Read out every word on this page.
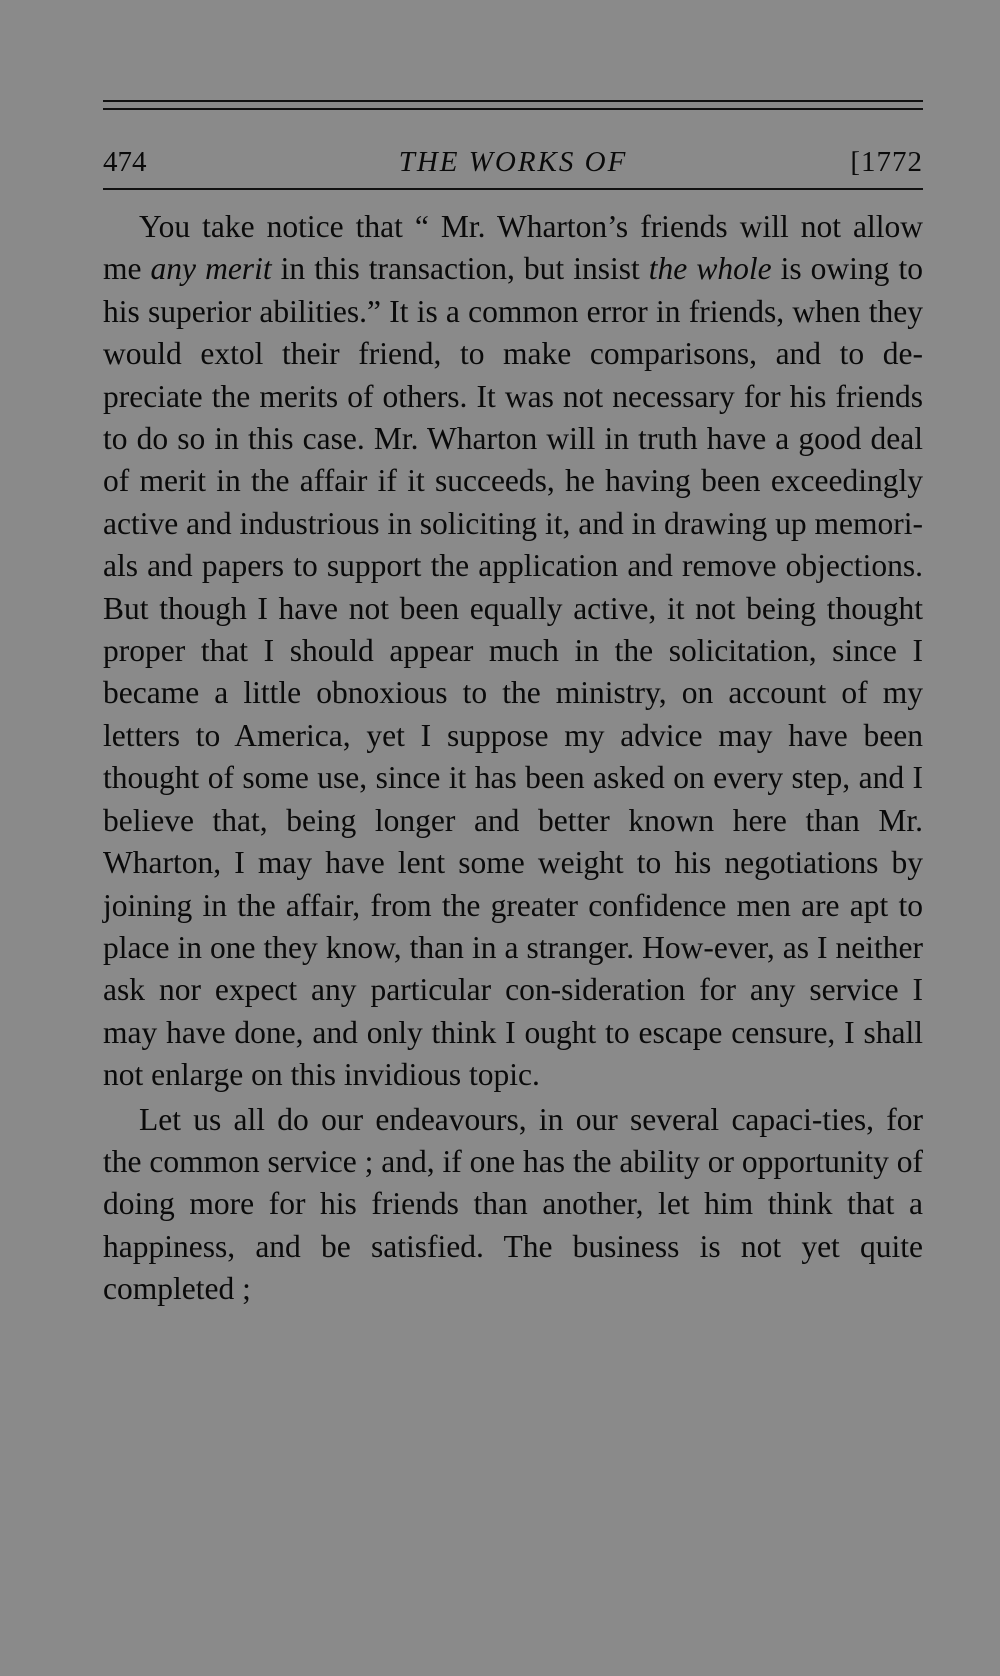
474	THE WORKS OF	[1772

You take notice that “ Mr. Wharton’s friends will not allow me any merit in this transaction, but insist the whole is owing to his superior abilities.” It is a common error in friends, when they would extol their friend, to make comparisons, and to de-preciate the merits of others. It was not necessary for his friends to do so in this case. Mr. Wharton will in truth have a good deal of merit in the affair if it succeeds, he having been exceedingly active and industrious in soliciting it, and in drawing up memori-als and papers to support the application and remove objections. But though I have not been equally active, it not being thought proper that I should appear much in the solicitation, since I became a little obnoxious to the ministry, on account of my letters to America, yet I suppose my advice may have been thought of some use, since it has been asked on every step, and I believe that, being longer and better known here than Mr. Wharton, I may have lent some weight to his negotiations by joining in the affair, from the greater confidence men are apt to place in one they know, than in a stranger. How-ever, as I neither ask nor expect any particular con-sideration for any service I may have done, and only think I ought to escape censure, I shall not enlarge on this invidious topic.

Let us all do our endeavours, in our several capaci-ties, for the common service ; and, if one has the ability or opportunity of doing more for his friends than another, let him think that a happiness, and be satisfied. The business is not yet quite completed ;
